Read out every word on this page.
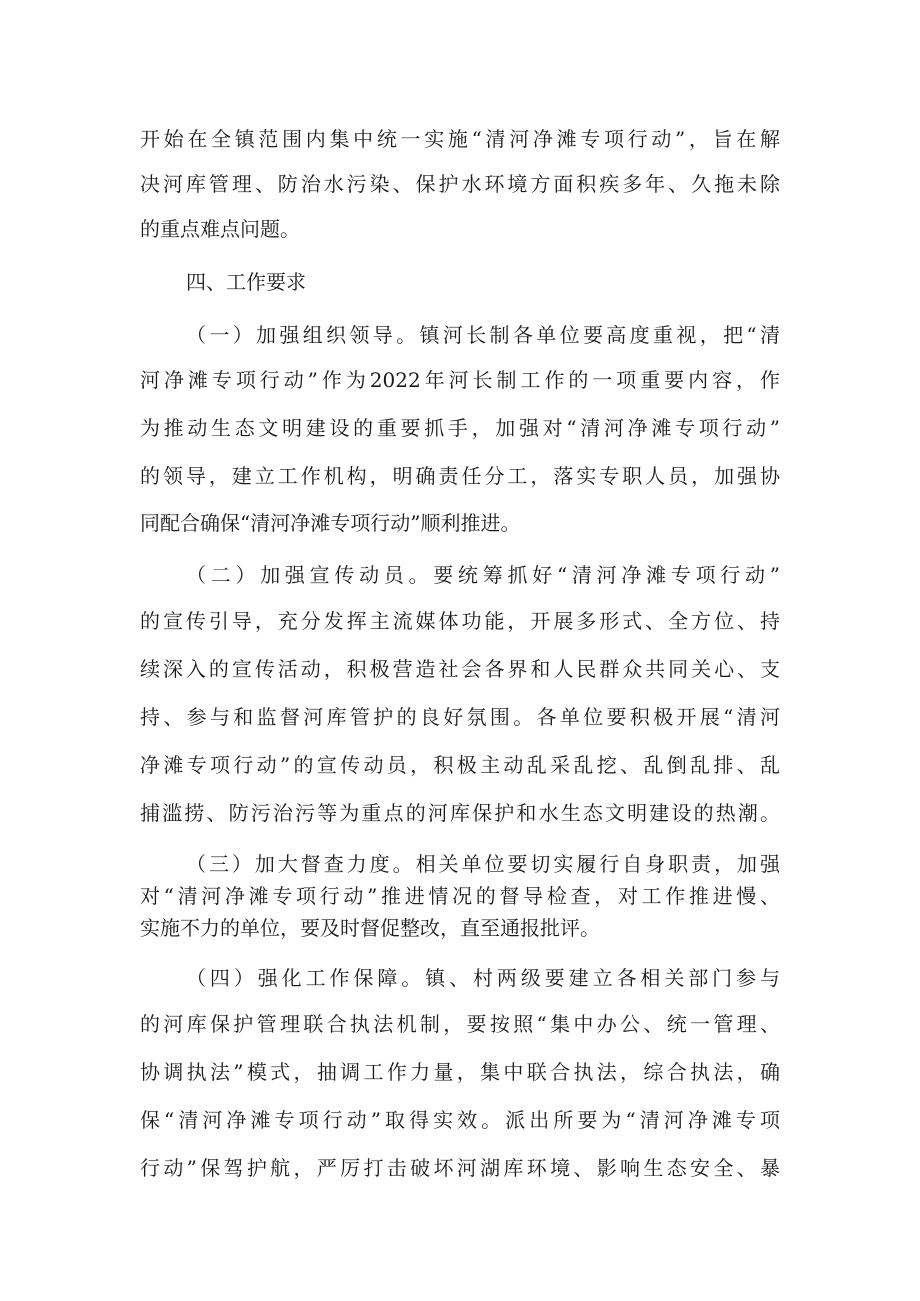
开始在全镇范围内集中统一实施“清河净滩专项行动”，旨在解
决河库管理、防治水污染、保护水环境方面积疾多年、久拖未除
的重点难点问题。
四、工作要求
（一）加强组织领导。镇河长制各单位要高度重视，把“清
河净滩专项行动”作为2022年河长制工作的一项重要内容，作
为推动生态文明建设的重要抓手，加强对“清河净滩专项行动”
的领导，建立工作机构，明确责任分工，落实专职人员，加强协
同配合确保“清河净滩专项行动”顺利推进。
（二）加强宣传动员。要统筹抓好“清河净滩专项行动”
的宣传引导，充分发挥主流媒体功能，开展多形式、全方位、持
续深入的宣传活动，积极营造社会各界和人民群众共同关心、支
持、参与和监督河库管护的良好氛围。各单位要积极开展“清河
净滩专项行动”的宣传动员，积极主动乱采乱挖、乱倒乱排、乱
捕滥捞、防污治污等为重点的河库保护和水生态文明建设的热潮。
（三）加大督查力度。相关单位要切实履行自身职责，加强
对“清河净滩专项行动”推进情况的督导检查，对工作推进慢、
实施不力的单位，要及时督促整改，直至通报批评。
（四）强化工作保障。镇、村两级要建立各相关部门参与
的河库保护管理联合执法机制，要按照“集中办公、统一管理、
协调执法”模式，抽调工作力量，集中联合执法，综合执法，确
保“清河净滩专项行动”取得实效。派出所要为“清河净滩专项
行动”保驾护航，严厉打击破坏河湖库环境、影响生态安全、暴
